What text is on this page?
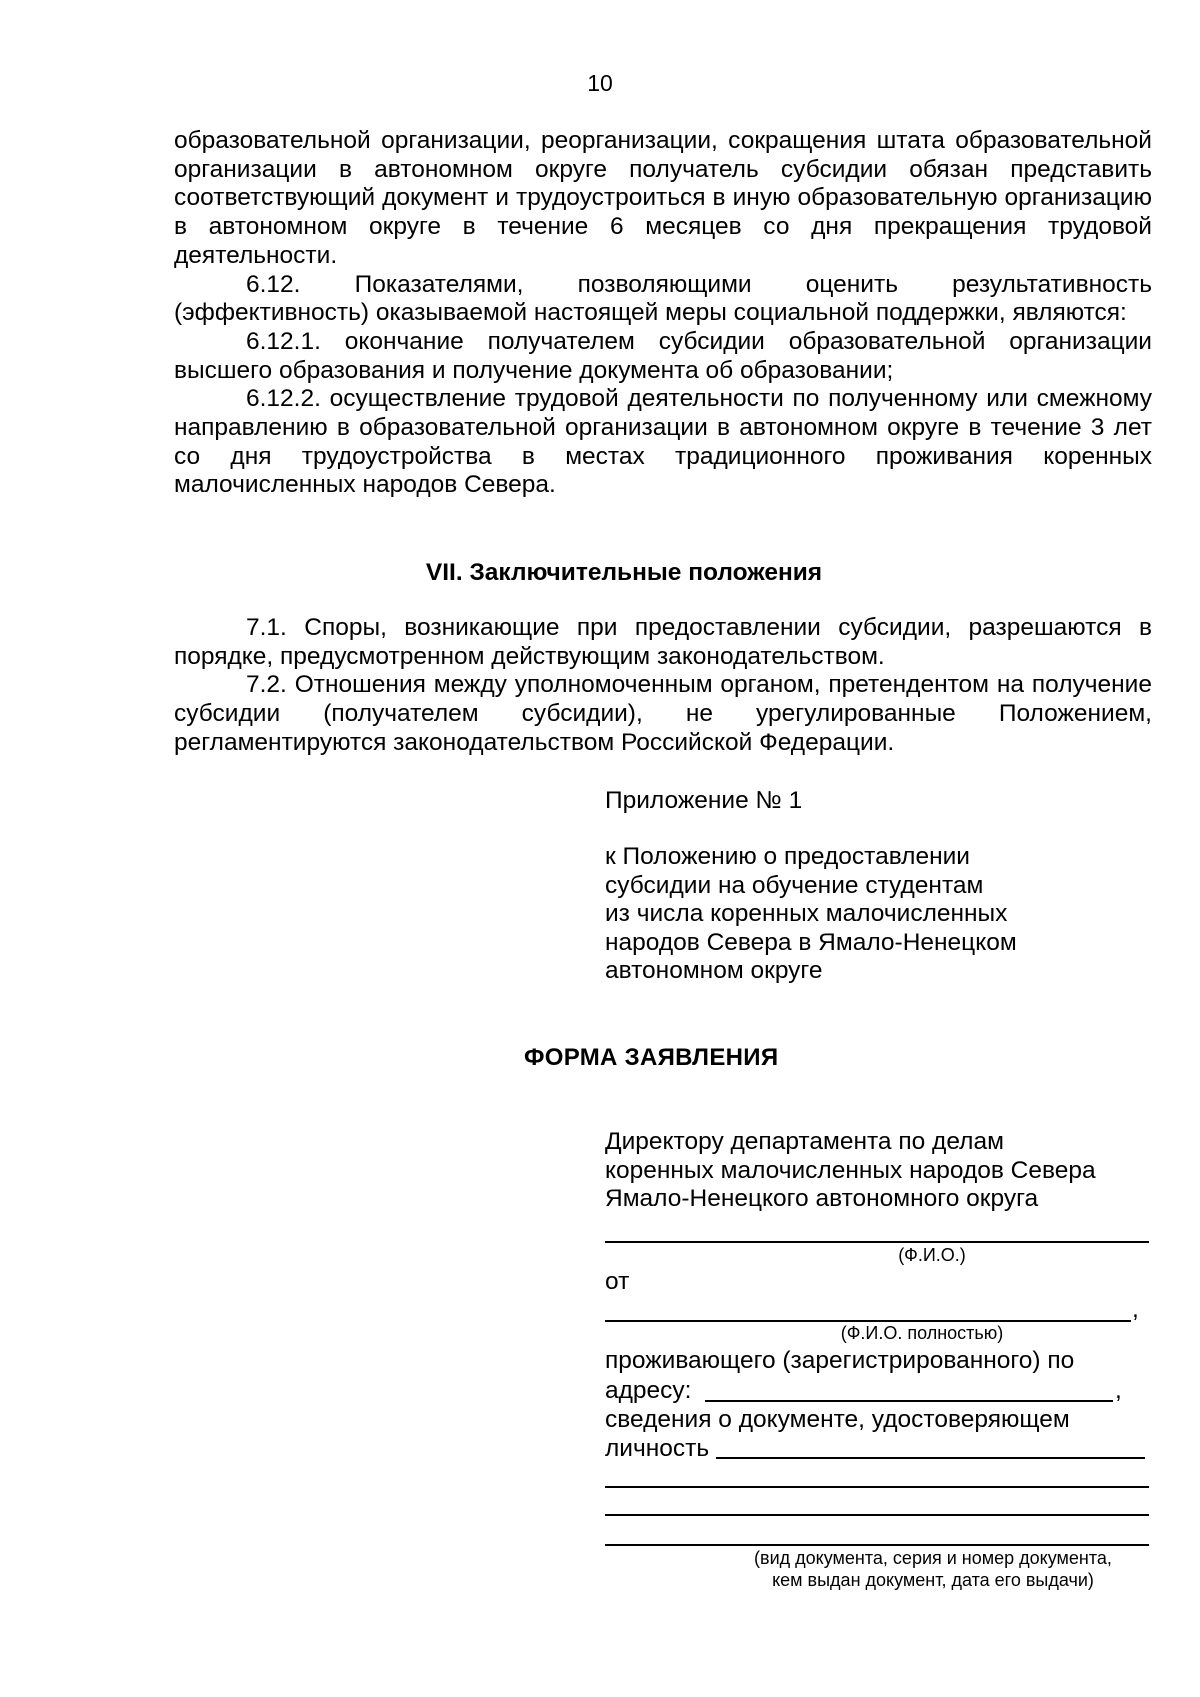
10

образовательной организации, реорганизации, сокращения штата образовательной организации в автономном округе получатель субсидии обязан представить соответствующий документ и трудоустроиться в иную образовательную организацию в автономном округе в течение 6 месяцев со дня прекращения трудовой деятельности.

6.12. Показателями, позволяющими оценить результативность (эффективность) оказываемой настоящей меры социальной поддержки, являются:

6.12.1. окончание получателем субсидии образовательной организации высшего образования и получение документа об образовании;

6.12.2. осуществление трудовой деятельности по полученному или смежному направлению в образовательной организации в автономном округе в течение 3 лет со дня трудоустройства в местах традиционного проживания коренных малочисленных народов Севера.

VII. Заключительные положения

7.1. Споры, возникающие при предоставлении субсидии, разрешаются в порядке, предусмотренном действующим законодательством.

7.2. Отношения между уполномоченным органом, претендентом на получение субсидии (получателем субсидии), не урегулированные Положением, регламентируются законодательством Российской Федерации.

Приложение № 1
к Положению о предоставлении
субсидии на обучение студентам
из числа коренных малочисленных
народов Севера в Ямало-Ненецком
автономном округе
ФОРМА ЗАЯВЛЕНИЯ
Директору департамента по делам
коренных малочисленных народов Севера
Ямало-Ненецкого автономного округа
(Ф.И.О.)
от
,
(Ф.И.О. полностью)
проживающего (зарегистрированного) по
адресу:	,
сведения о документе, удостоверяющем
личность
(вид документа, серия и номер документа,
кем выдан документ, дата его выдачи)
